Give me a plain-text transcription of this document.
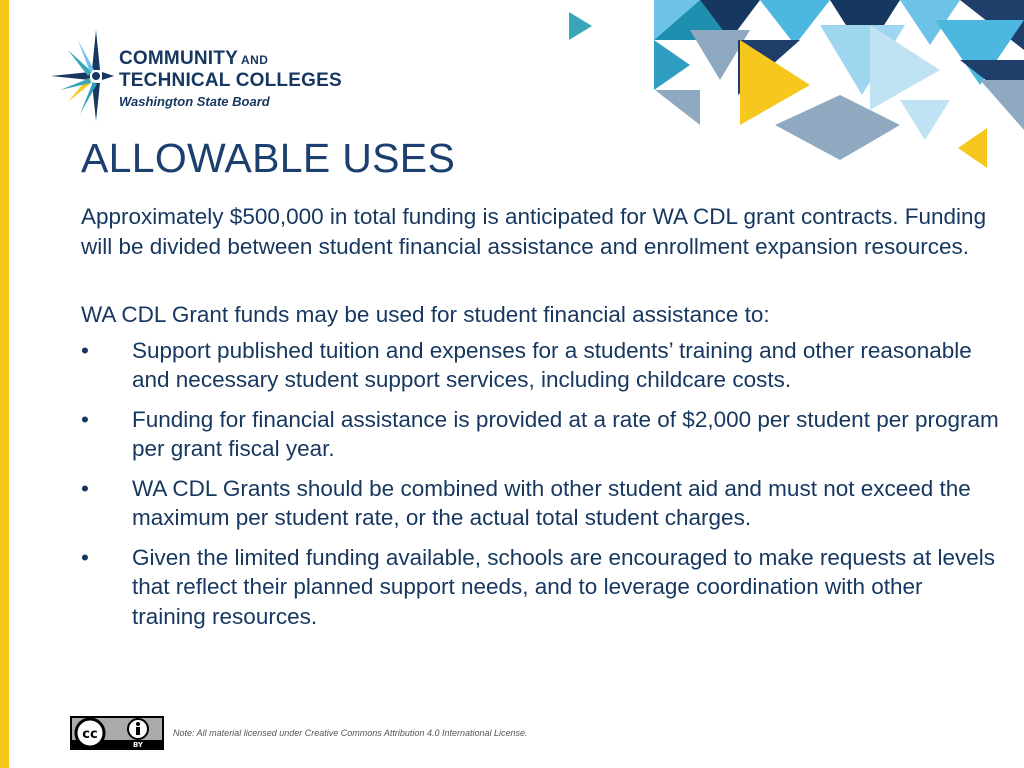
COMMUNITY AND
TECHNICAL COLLEGES
Washington State Board
ALLOWABLE USES

Approximately $500,000 in total funding is anticipated for WA CDL grant contracts. Funding will be divided between student financial assistance and enrollment expansion resources.

WA CDL Grant funds may be used for student financial assistance to:

• Support published tuition and expenses for a students’ training and other reasonable and necessary student support services, including childcare costs.
• Funding for financial assistance is provided at a rate of $2,000 per student per program per grant fiscal year.
• WA CDL Grants should be combined with other student aid and must not exceed the maximum per student rate, or the actual total student charges.
• Given the limited funding available, schools are encouraged to make requests at levels that reflect their planned support needs, and to leverage coordination with other training resources.
cc
BY
Note: All material licensed under Creative Commons Attribution 4.0 International License.
